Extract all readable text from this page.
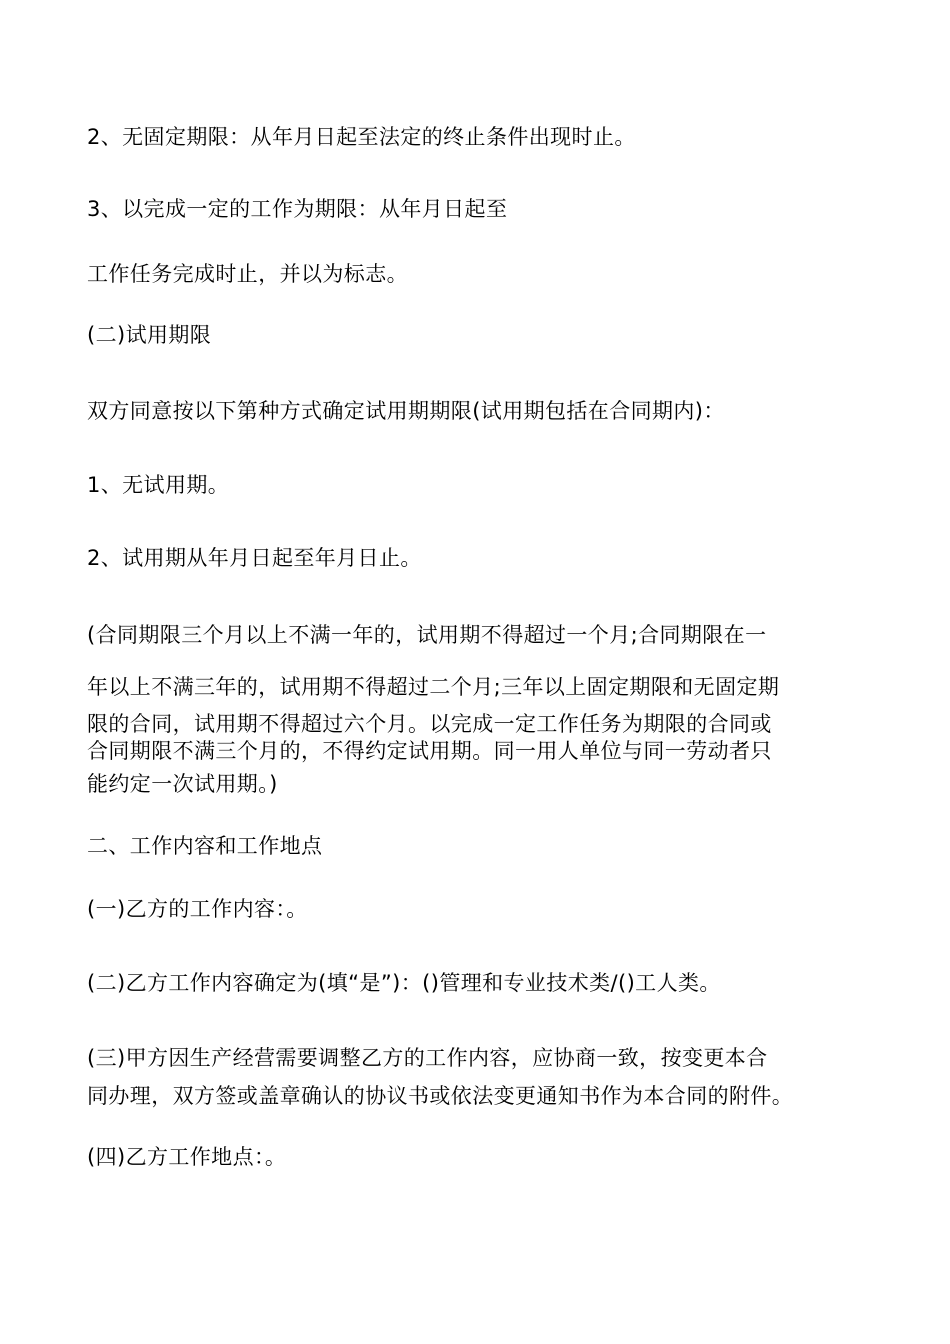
2、无固定期限：从年月日起至法定的终止条件出现时止。
3、以完成一定的工作为期限：从年月日起至
工作任务完成时止，并以为标志。
(二)试用期限
双方同意按以下第种方式确定试用期期限(试用期包括在合同期内)：
1、无试用期。
2、试用期从年月日起至年月日止。
(合同期限三个月以上不满一年的，试用期不得超过一个月;合同期限在一
年以上不满三年的，试用期不得超过二个月;三年以上固定期限和无固定期
限的合同，试用期不得超过六个月。以完成一定工作任务为期限的合同或
合同期限不满三个月的，不得约定试用期。同一用人单位与同一劳动者只
能约定一次试用期。)
二、工作内容和工作地点
(一)乙方的工作内容：。
(二)乙方工作内容确定为(填“是”)：()管理和专业技术类/()工人类。
(三)甲方因生产经营需要调整乙方的工作内容，应协商一致，按变更本合
同办理，双方签或盖章确认的协议书或依法变更通知书作为本合同的附件。
(四)乙方工作地点：。
